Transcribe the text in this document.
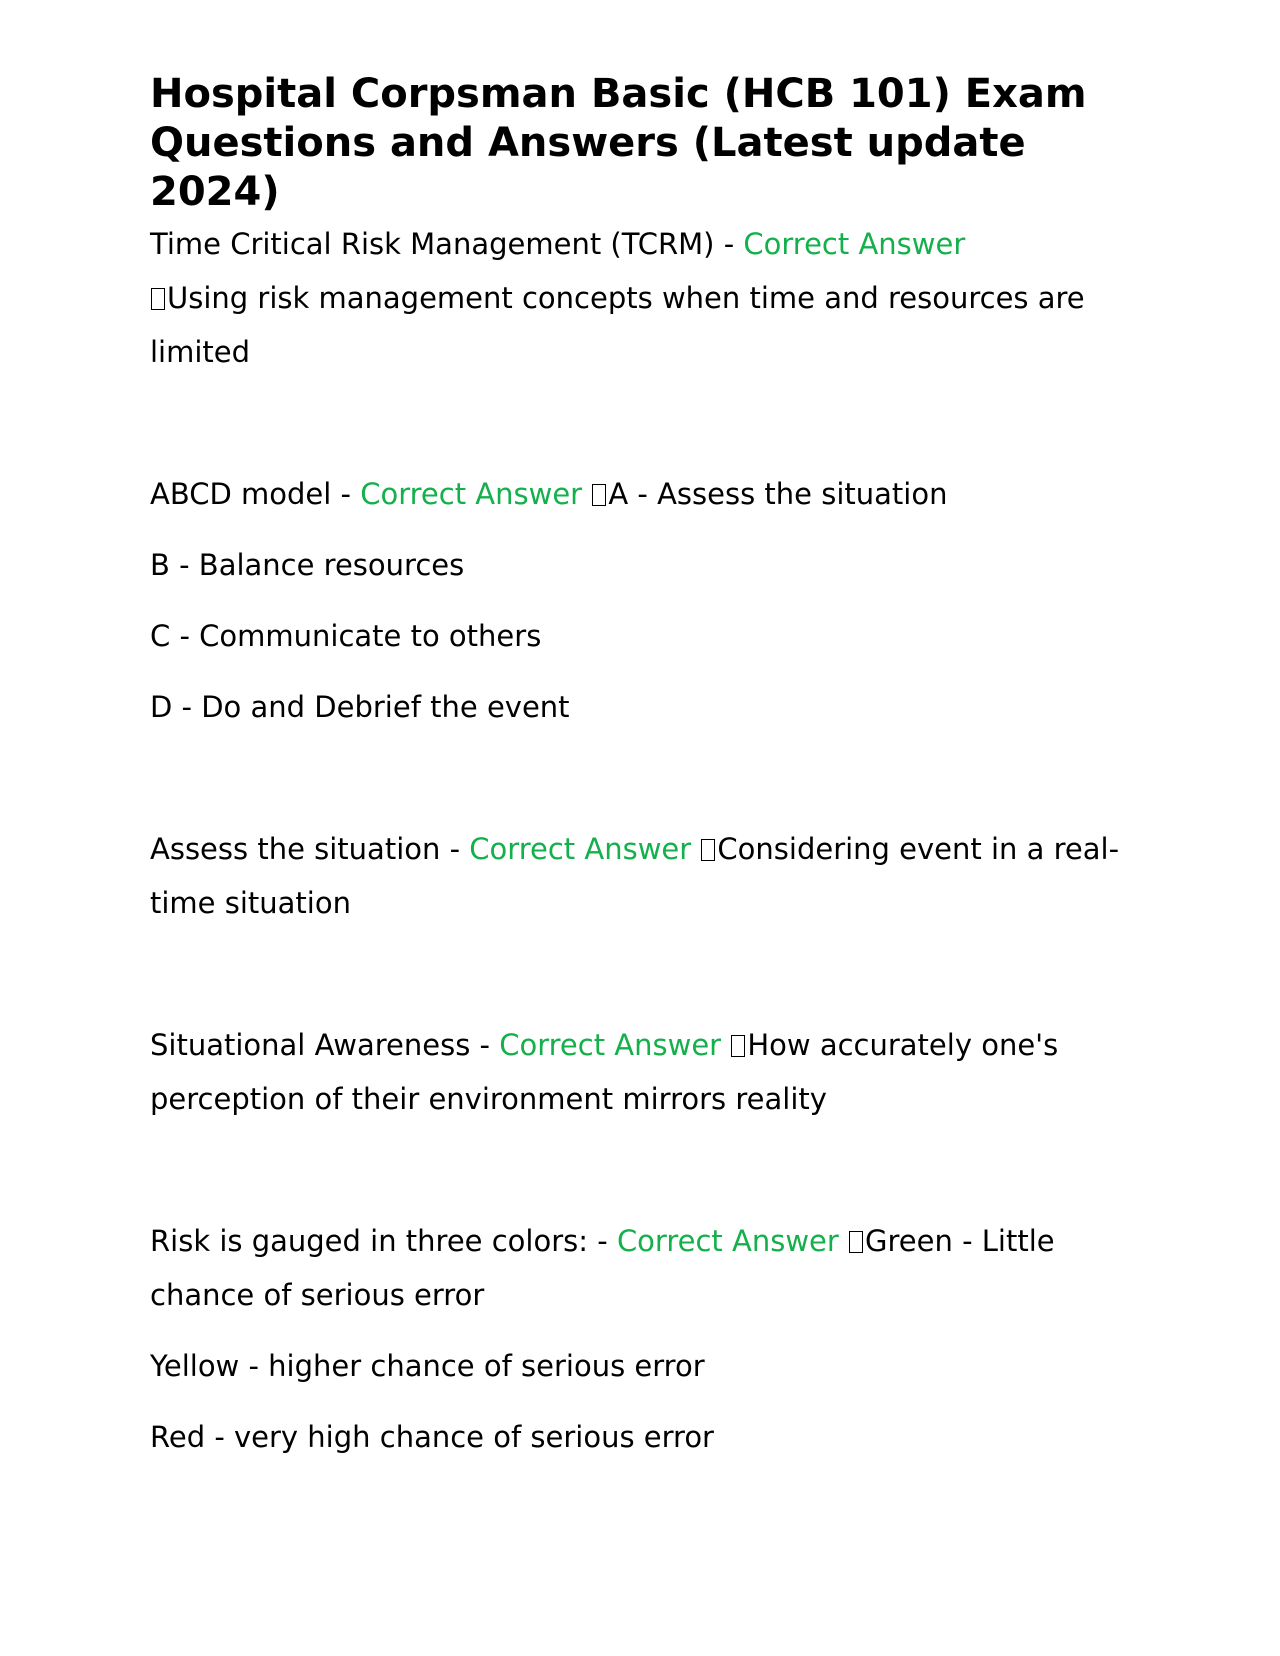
Hospital Corpsman Basic (HCB 101) Exam Questions and Answers (Latest update 2024)

Time Critical Risk Management (TCRM) - Correct Answer
Using risk management concepts when time and resources are limited

ABCD model - Correct Answer A - Assess the situation

B - Balance resources

C - Communicate to others

D - Do and Debrief the event

Assess the situation - Correct Answer Considering event in a real-time situation

Situational Awareness - Correct Answer How accurately one's perception of their environment mirrors reality

Risk is gauged in three colors: - Correct Answer Green - Little chance of serious error

Yellow - higher chance of serious error

Red - very high chance of serious error
